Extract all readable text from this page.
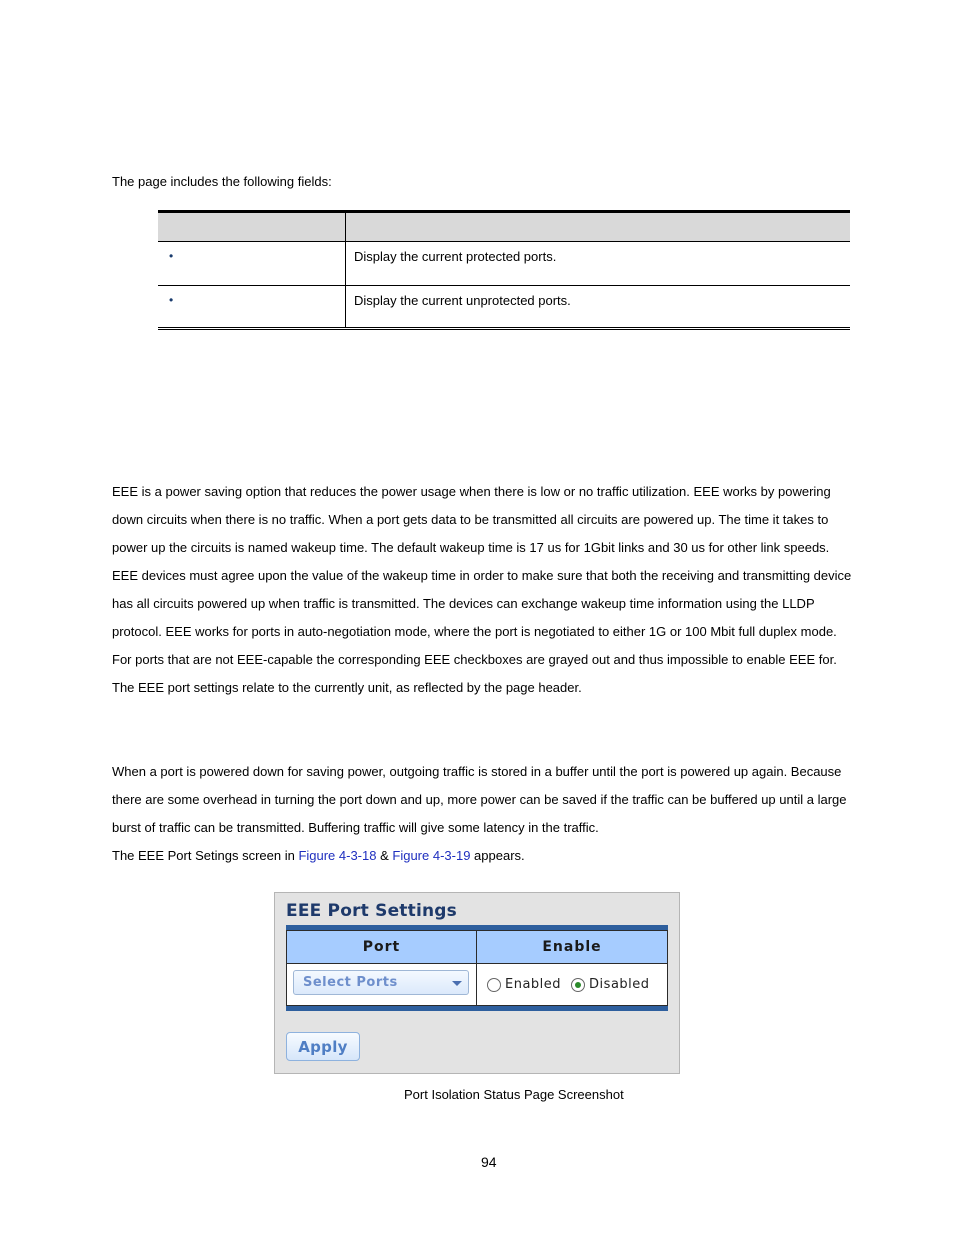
The page includes the following fields:

•	Display the current protected ports.

•	Display the current unprotected ports.
EEE is a power saving option that reduces the power usage when there is low or no traffic utilization. EEE works by powering down circuits when there is no traffic. When a port gets data to be transmitted all circuits are powered up. The time it takes to power up the circuits is named wakeup time. The default wakeup time is 17 us for 1Gbit links and 30 us for other link speeds. EEE devices must agree upon the value of the wakeup time in order to make sure that both the receiving and transmitting device has all circuits powered up when traffic is transmitted. The devices can exchange wakeup time information using the LLDP protocol. EEE works for ports in auto-negotiation mode, where the port is negotiated to either 1G or 100 Mbit full duplex mode. For ports that are not EEE-capable the corresponding EEE checkboxes are grayed out and thus impossible to enable EEE for. The EEE port settings relate to the currently unit, as reflected by the page header.
When a port is powered down for saving power, outgoing traffic is stored in a buffer until the port is powered up again. Because there are some overhead in turning the port down and up, more power can be saved if the traffic can be buffered up until a large burst of traffic can be transmitted. Buffering traffic will give some latency in the traffic.
The EEE Port Setings screen in Figure 4-3-18 & Figure 4-3-19 appears.
EEE Port Settings
Port	Enable
Select Ports	Enabled Disabled
Apply
Port Isolation Status Page Screenshot
94
